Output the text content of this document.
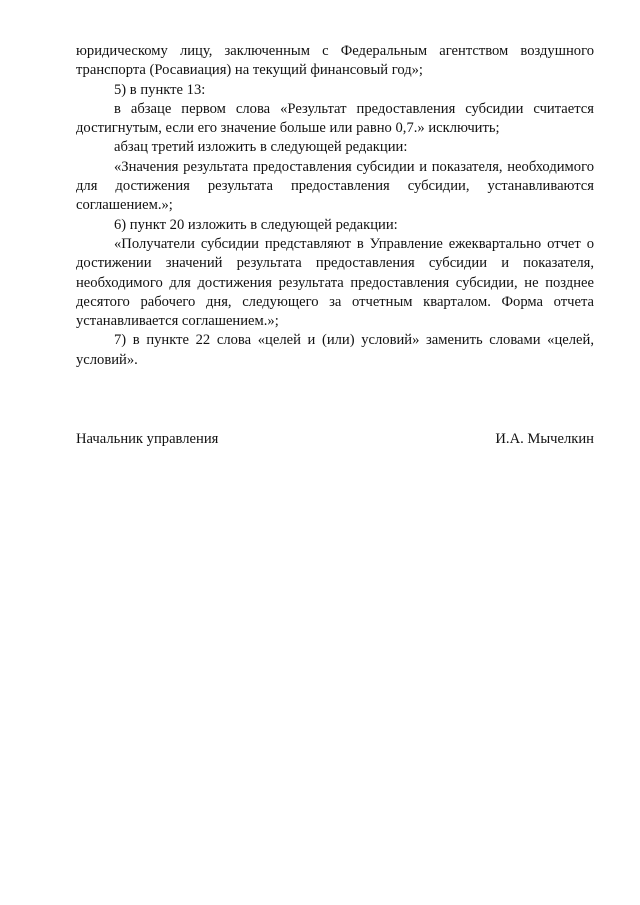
юридическому лицу, заключенным с Федеральным агентством воздушного транспорта (Росавиация) на текущий финансовый год»;

5) в пункте 13:

в абзаце первом слова «Результат предоставления субсидии считается достигнутым, если его значение больше или равно 0,7.» исключить;

абзац третий изложить в следующей редакции:

«Значения результата предоставления субсидии и показателя, необходимого для достижения результата предоставления субсидии, устанавливаются соглашением.»;

6) пункт 20 изложить в следующей редакции:

«Получатели субсидии представляют в Управление ежеквартально отчет о достижении значений результата предоставления субсидии и показателя, необходимого для достижения результата предоставления субсидии, не позднее десятого рабочего дня, следующего за отчетным кварталом. Форма отчета устанавливается соглашением.»;

7) в пункте 22 слова «целей и (или) условий» заменить словами «целей, условий».

Начальник управления	И.А. Мычелкин
